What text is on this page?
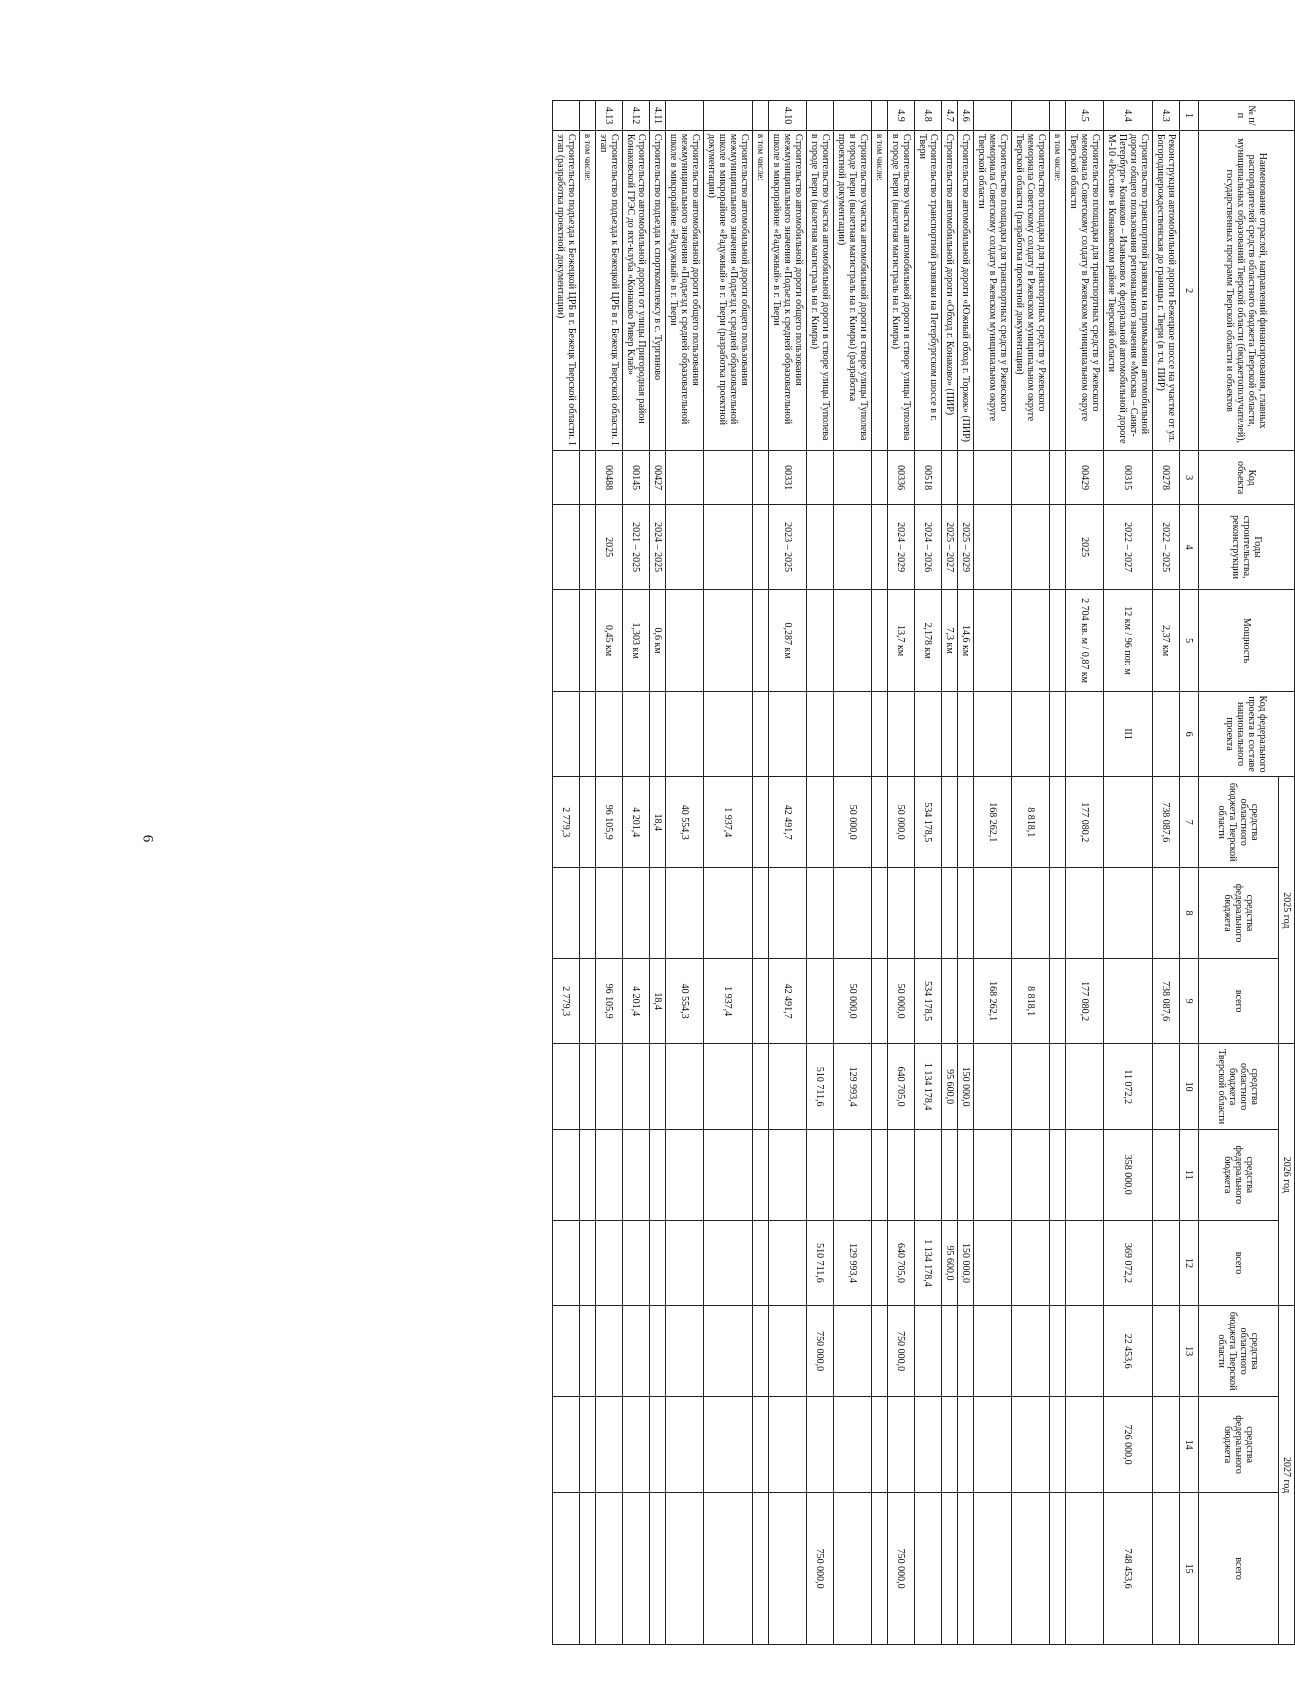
6
№ п/п	Наименование отраслей, направлений финансирования, главных распорядителей средств областного бюджета Тверской области, муниципальных образований Тверской области (бюджетополучателей), государственных программ Тверской области и объектов	Код объекта	Годы строительства, реконструкции	Мощность	Код федерального проекта в составе национального проекта	2025 год			2026 год			2027 год		
						средства областного бюджета Тверской области	средства федерального бюджета	всего	средства областного бюджета Тверской области	средства федерального бюджета	всего	средства областного бюджета Тверской области	средства федерального бюджета	всего
1	2	3	4	5	6	7	8	9	10	11	12	13	14	15
4.3	Реконструкция автомобильной дороги Бежецкое шоссе на участке от ул. Богородицерождественская до границы г. Твери (в т.ч. ПИР)	00278	2022 – 2025	2,37 км		738 087,6		738 087,6						
4.4	Строительство транспортной развязки на примыкании автомобильной дороги общего пользования регионального значения «Москва – Санкт-Петербург» Конаково – Изаньково к федеральной автомобильной дороге М-10 «Россия» в Конаковском районе Тверской области	00315	2022 – 2027	12 км / 96 пог. м	II1				11 072,2	358 000,0	369 072,2	22 453,6	726 000,0	748 453,6
4.5	Строительство площадки для транспортных средств у Ржевского мемориала Советскому солдату в Ржевском муниципальном округе Тверской области	00429	2025	2 704 кв. м / 0,87 км		177 080,2		177 080,2						
	в том числе:													
	Строительство площадки для транспортных средств у Ржевского мемориала Советскому солдату в Ржевском муниципальном округе Тверской области (разработка проектной документации)					8 818,1		8 818,1						
	Строительство площадки для транспортных средств у Ржевского мемориала Советскому солдату в Ржевском муниципальном округе Тверской области					168 262,1		168 262,1						
4.6	Строительство автомобильной дороги «Южный обход г. Торжок» (ПИР)		2025 – 2029	14,6 км					150 000,0		150 000,0			
4.7	Строительство автомобильной дороги «Обход г. Конаково» (ПИР)		2025 – 2027	7,3 км					95 600,0		95 600,0			
4.8	Строительство транспортной развязки на Петербургском шоссе в г. Твери	00518	2024 – 2026	2,178 км		534 178,5		534 178,5	1 134 178,4		1 134 178,4			
4.9	Строительство участка автомобильной дороги в створе улицы Туполева в городе Твери (вылетная магистраль на г. Кимры)	00336	2024 – 2029	13,7 км		50 000,0		50 000,0	640 705,0		640 705,0	750 000,0		750 000,0
	в том числе:													
	Строительство участка автомобильной дороги в створе улицы Туполева в городе Твери (вылетная магистраль на г. Кимры) (разработка проектной документации)					50 000,0		50 000,0	129 993,4		129 993,4			
	Строительство участка автомобильной дороги в створе улицы Туполева в городе Твери (вылетная магистраль на г. Кимры)								510 711,6		510 711,6	750 000,0		750 000,0
4.10	Строительство автомобильной дороги общего пользования межмуниципального значения «Подъезд к средней образовательной школе в микрорайоне «Радужный» в г. Твери	00331	2023 – 2025	0,287 км		42 491,7		42 491,7						
	в том числе:													
	Строительство автомобильной дороги общего пользования межмуниципального значения «Подъезд к средней образовательной школе в микрорайоне «Радужный» в г. Твери (разработка проектной документации)					1 937,4		1 937,4						
	Строительство автомобильной дороги общего пользования межмуниципального значения «Подъезд к средней образовательной школе в микрорайоне «Радужный» в г. Твери					40 554,3		40 554,3						
4.11	Строительство подъезда к спорткомплексу в с. Тургиново	00427	2024 – 2025	0,6 км		18,4		18,4						
4.12	Строительство автомобильной дороги от улицы Пригородная район Конаковской ГРЭС до яхт-клуба «Конаково Ривер Клаб»	00145	2021 – 2025	1,303 км		4 201,4		4 201,4						
4.13	Строительство подъезда к Бежецкой ЦРБ в г. Бежецк Тверской области. I этап	00488	2025	0,45 км		96 105,9		96 105,9						
	в том числе:													
	Строительство подъезда к Бежецкой ЦРБ в г. Бежецк Тверской области. I этап (разработка проектной документации)					2 779,3		2 779,3						
